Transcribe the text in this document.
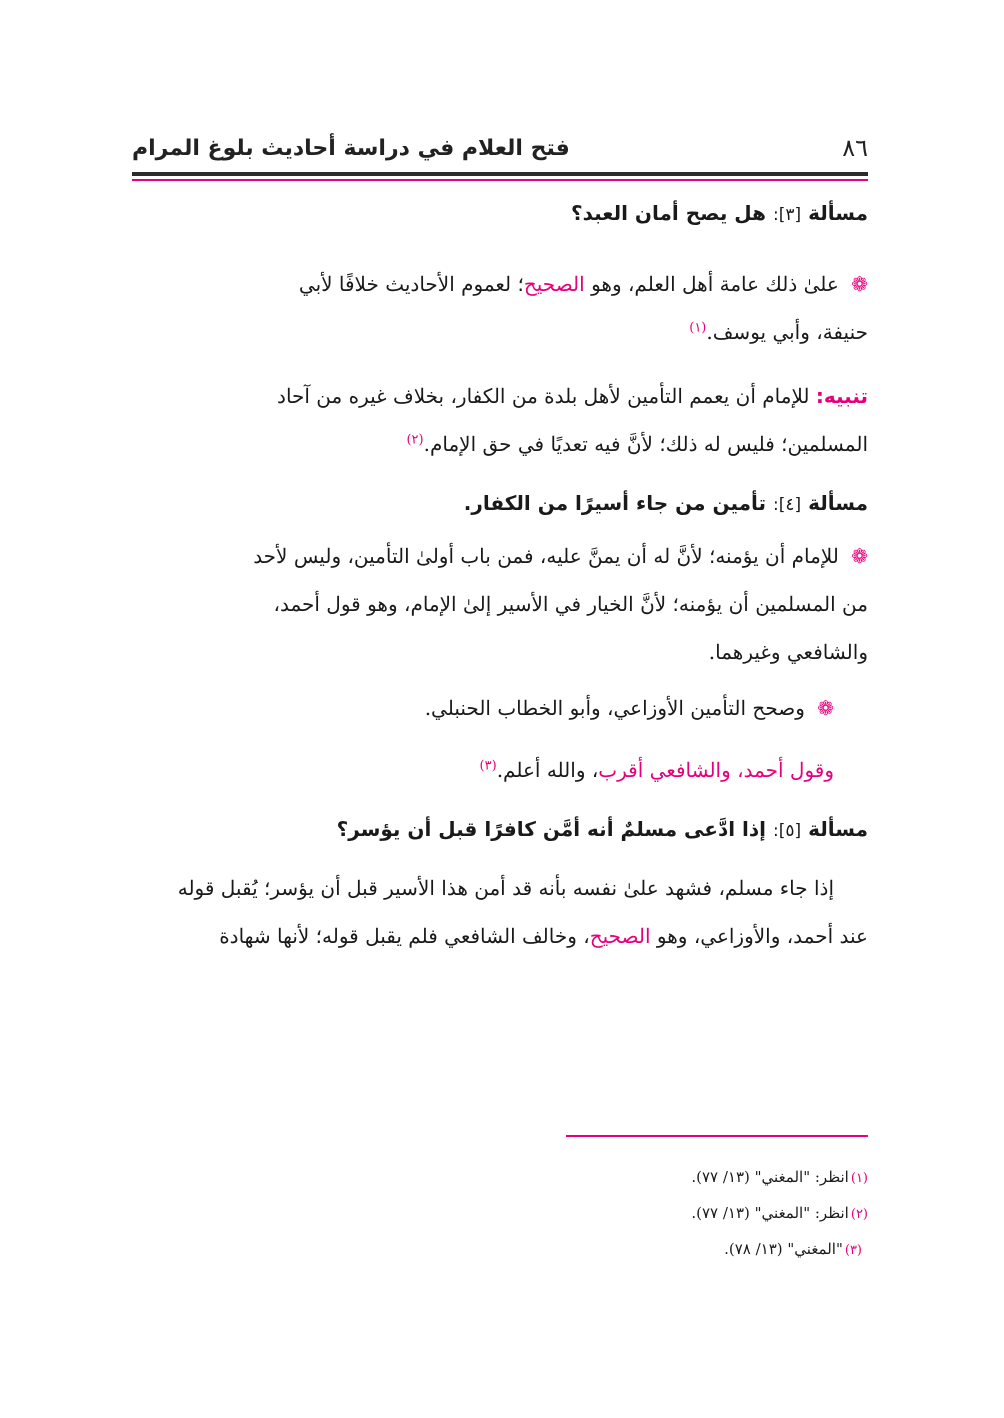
٨٦
فتح العلام في دراسة أحاديث بلوغ المرام

مسألة [٣]: هل يصح أمان العبد؟

❁ علىٰ ذلك عامة أهل العلم، وهو الصحيح؛ لعموم الأحاديث خلافًا لأبي
حنيفة، وأبي يوسف.$^{(١)}$

تنبيه: للإمام أن يعمم التأمين لأهل بلدة من الكفار، بخلاف غيره من آحاد
المسلمين؛ فليس له ذلك؛ لأنَّ فيه تعديًا في حق الإمام.$^{(٢)}$

مسألة [٤]: تأمين من جاء أسيرًا من الكفار.

❁ للإمام أن يؤمنه؛ لأنَّ له أن يمنَّ عليه، فمن باب أولىٰ التأمين، وليس لأحد
من المسلمين أن يؤمنه؛ لأنَّ الخيار في الأسير إلىٰ الإمام، وهو قول أحمد،
والشافعي وغيرهما.

❁ وصحح التأمين الأوزاعي، وأبو الخطاب الحنبلي.

وقول أحمد، والشافعي أقرب، والله أعلم.$^{(٣)}$

مسألة [٥]: إذا ادَّعى مسلمٌ أنه أمَّن كافرًا قبل أن يؤسر؟

إذا جاء مسلم، فشهد علىٰ نفسه بأنه قد أمن هذا الأسير قبل أن يؤسر؛ يُقبل قوله
عند أحمد، والأوزاعي، وهو الصحيح، وخالف الشافعي فلم يقبل قوله؛ لأنها شهادة

(١)انظر: "المغني" (١٣/ ٧٧).
(٢)انظر: "المغني" (١٣/ ٧٧).
(٣)"المغني" (١٣/ ٧٨).
